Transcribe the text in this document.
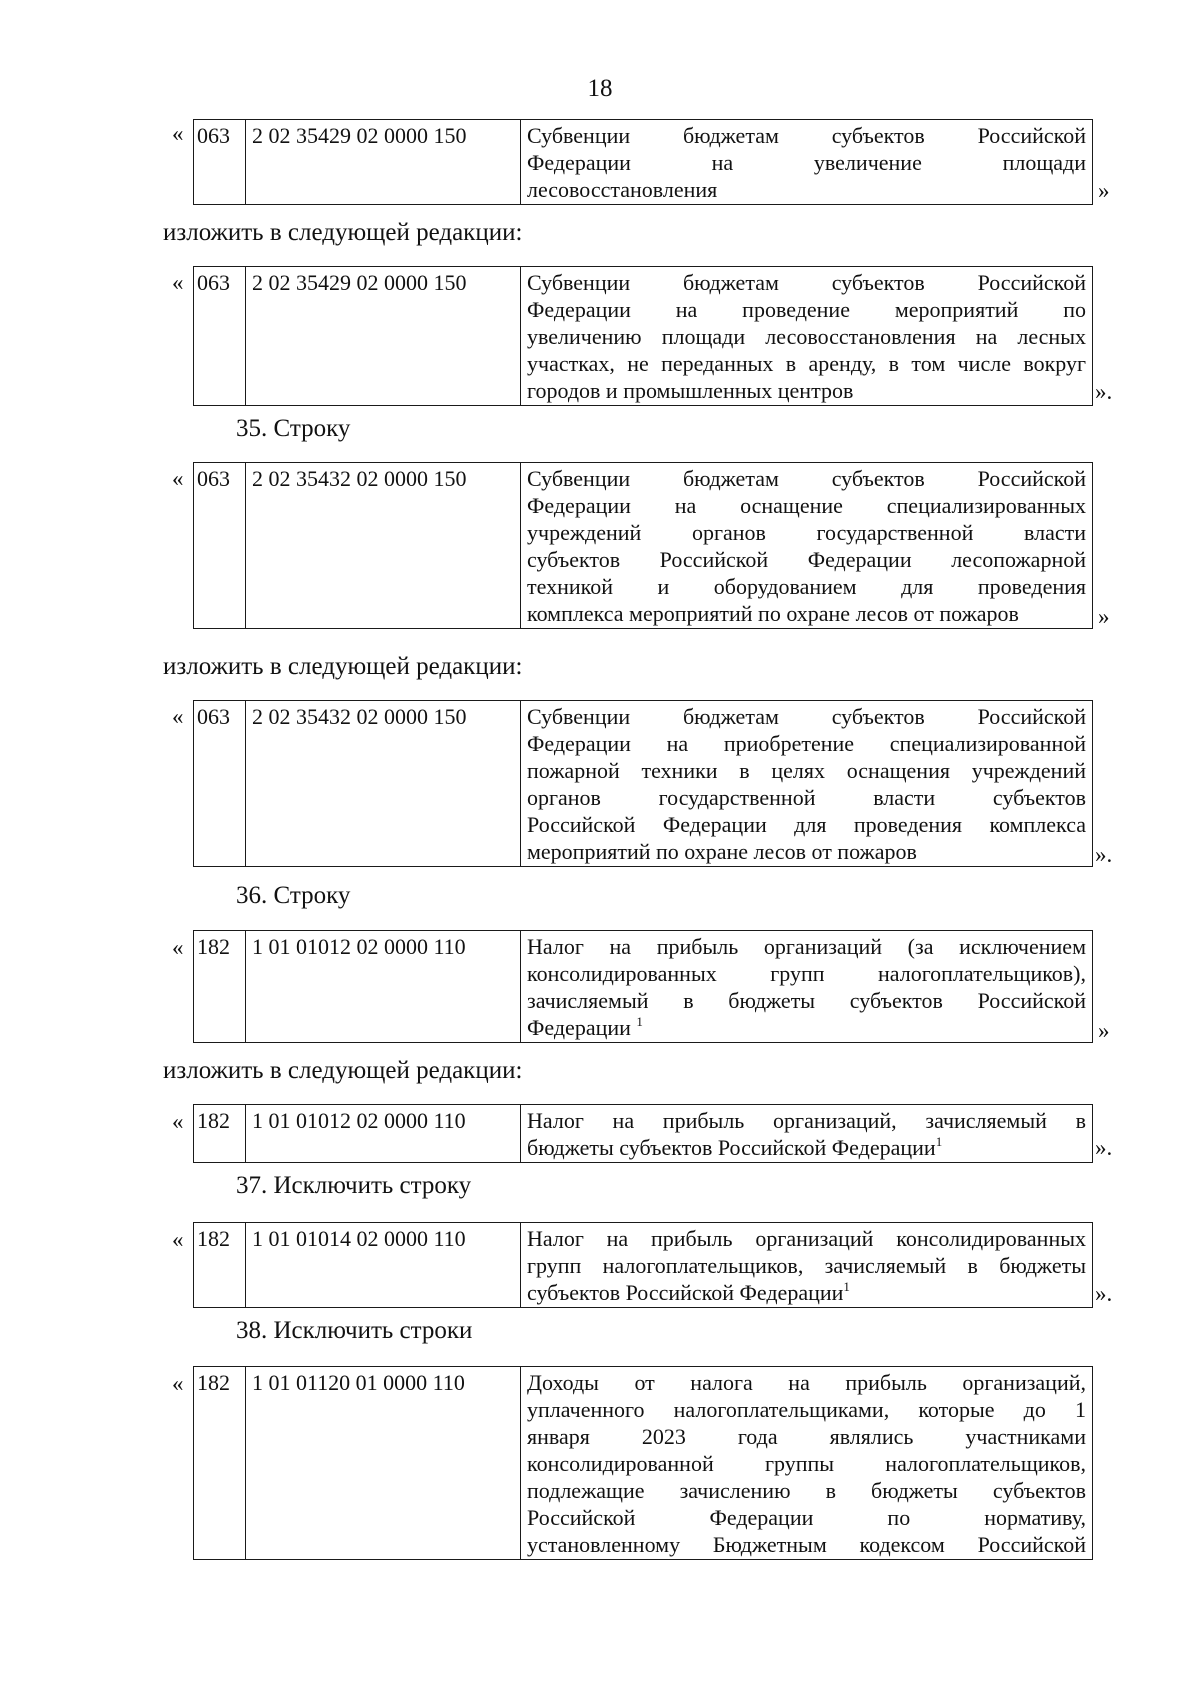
18
« 063	2 02 35429 02 0000 150	Субвенции бюджетам субъектов Российской
Федерации на увеличение площади
лесовосстановления	»
изложить в следующей редакции:
« 063	2 02 35429 02 0000 150	Субвенции бюджетам субъектов Российской
Федерации на проведение мероприятий по
увеличению площади лесовосстановления на лесных
участках, не переданных в аренду, в том числе вокруг
городов и промышленных центров	».
35. Строку
« 063	2 02 35432 02 0000 150	Субвенции бюджетам субъектов Российской
Федерации на оснащение специализированных
учреждений органов государственной власти
субъектов Российской Федерации лесопожарной
техникой и оборудованием для проведения
комплекса мероприятий по охране лесов от пожаров	»
изложить в следующей редакции:
« 063	2 02 35432 02 0000 150	Субвенции бюджетам субъектов Российской
Федерации на приобретение специализированной
пожарной техники в целях оснащения учреждений
органов государственной власти субъектов
Российской Федерации для проведения комплекса
мероприятий по охране лесов от пожаров	».
36. Строку
« 182	1 01 01012 02 0000 110	Налог на прибыль организаций (за исключением
консолидированных групп налогоплательщиков),
зачисляемый в бюджеты субъектов Российской
Федерации $^1$	»
изложить в следующей редакции:
« 182	1 01 01012 02 0000 110	Налог на прибыль организаций, зачисляемый в
бюджеты субъектов Российской Федерации$^1$	».
37. Исключить строку
« 182	1 01 01014 02 0000 110	Налог на прибыль организаций консолидированных
групп налогоплательщиков, зачисляемый в бюджеты
субъектов Российской Федерации$^1$	».
38. Исключить строки
« 182	1 01 01120 01 0000 110	Доходы от налога на прибыль организаций,
уплаченного налогоплательщиками, которые до 1
января 2023 года являлись участниками
консолидированной группы налогоплательщиков,
подлежащие зачислению в бюджеты субъектов
Российской Федерации по нормативу,
установленному Бюджетным кодексом Российской
